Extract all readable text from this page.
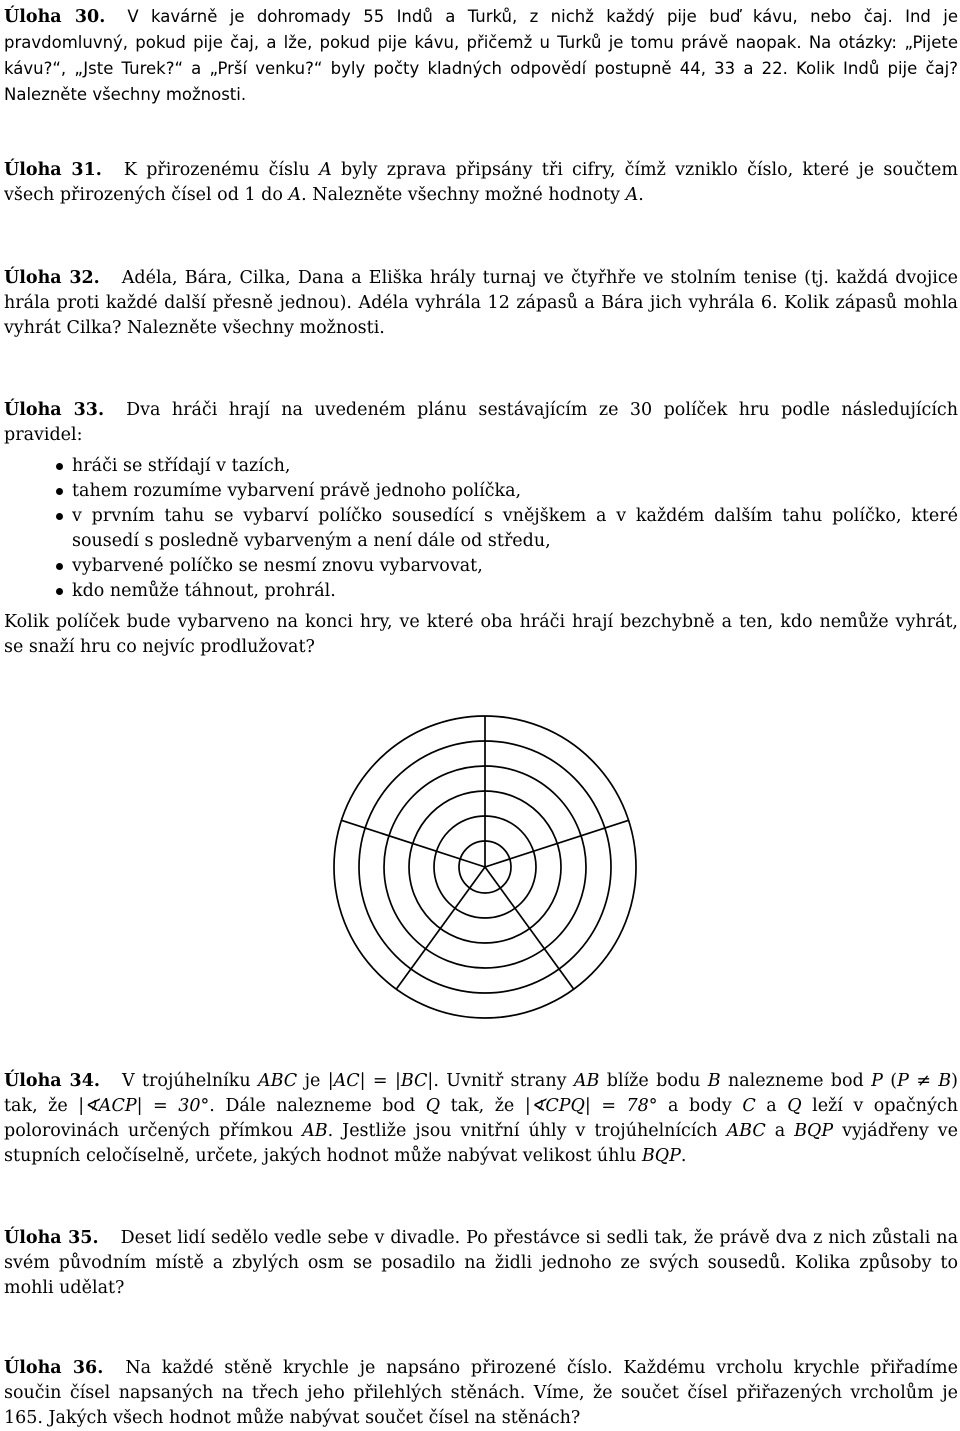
Úloha 30. V kavárně je dohromady 55 Indů a Turků, z nichž každý pije buď kávu, nebo čaj. Ind je pravdomluvný, pokud pije čaj, a lže, pokud pije kávu, přičemž u Turků je tomu právě naopak. Na otázky: „Pijete kávu?“, „Jste Turek?“ a „Prší venku?“ byly počty kladných odpovědí postupně 44, 33 a 22. Kolik Indů pije čaj? Nalezněte všechny možnosti.

Úloha 31. K přirozenému číslu A byly zprava připsány tři cifry, čímž vzniklo číslo, které je součtem všech přirozených čísel od 1 do A. Nalezněte všechny možné hodnoty A.

Úloha 32. Adéla, Bára, Cilka, Dana a Eliška hrály turnaj ve čtyřhře ve stolním tenise (tj. každá dvojice hrála proti každé další přesně jednou). Adéla vyhrála 12 zápasů a Bára jich vyhrála 6. Kolik zápasů mohla vyhrát Cilka? Nalezněte všechny možnosti.

Úloha 33. Dva hráči hrají na uvedeném plánu sestávajícím ze 30 políček hru podle následujících pravidel:

hráči se střídají v tazích,
tahem rozumíme vybarvení právě jednoho políčka,
v prvním tahu se vybarví políčko sousedící s vnějškem a v každém dalším tahu políčko, které sousedí s posledně vybarveným a není dále od středu,
vybarvené políčko se nesmí znovu vybarvovat,
kdo nemůže táhnout, prohrál.

Kolik políček bude vybarveno na konci hry, ve které oba hráči hrají bezchybně a ten, kdo nemůže vyhrát, se snaží hru co nejvíc prodlužovat?

Úloha 34. V trojúhelníku ABC je |AC| = |BC|. Uvnitř strany AB blíže bodu B nalezneme bod P (P ≠ B) tak, že |∢ACP| = 30°. Dále nalezneme bod Q tak, že |∢CPQ| = 78° a body C a Q leží v opačných polorovinách určených přímkou AB. Jestliže jsou vnitřní úhly v trojúhelnících ABC a BQP vyjádřeny ve stupních celočíselně, určete, jakých hodnot může nabývat velikost úhlu BQP.

Úloha 35. Deset lidí sedělo vedle sebe v divadle. Po přestávce si sedli tak, že právě dva z nich zůstali na svém původním místě a zbylých osm se posadilo na židli jednoho ze svých sousedů. Kolika způsoby to mohli udělat?

Úloha 36. Na každé stěně krychle je napsáno přirozené číslo. Každému vrcholu krychle přiřadíme součin čísel napsaných na třech jeho přilehlých stěnách. Víme, že součet čísel přiřazených vrcholům je 165. Jakých všech hodnot může nabývat součet čísel na stěnách?
